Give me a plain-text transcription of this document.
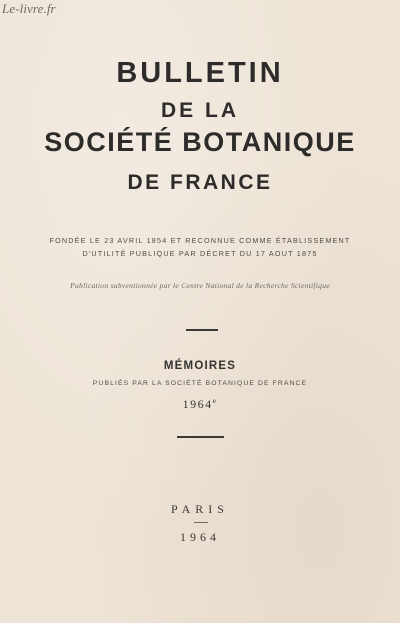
Le-livre.fr
BULLETIN
DE LA
SOCIÉTÉ BOTANIQUE
DE FRANCE
FONDÉE LE 23 AVRIL 1854 ET RECONNUE COMME ÉTABLISSEMENT
D'UTILITÉ PUBLIQUE PAR DÉCRET DU 17 AOUT 1875
Publication subventionnée par le Centre National de la Recherche Scientifique
MÉMOIRES
PUBLIÉS PAR LA SOCIÉTÉ BOTANIQUE DE FRANCE
1964e
PARIS
1964
